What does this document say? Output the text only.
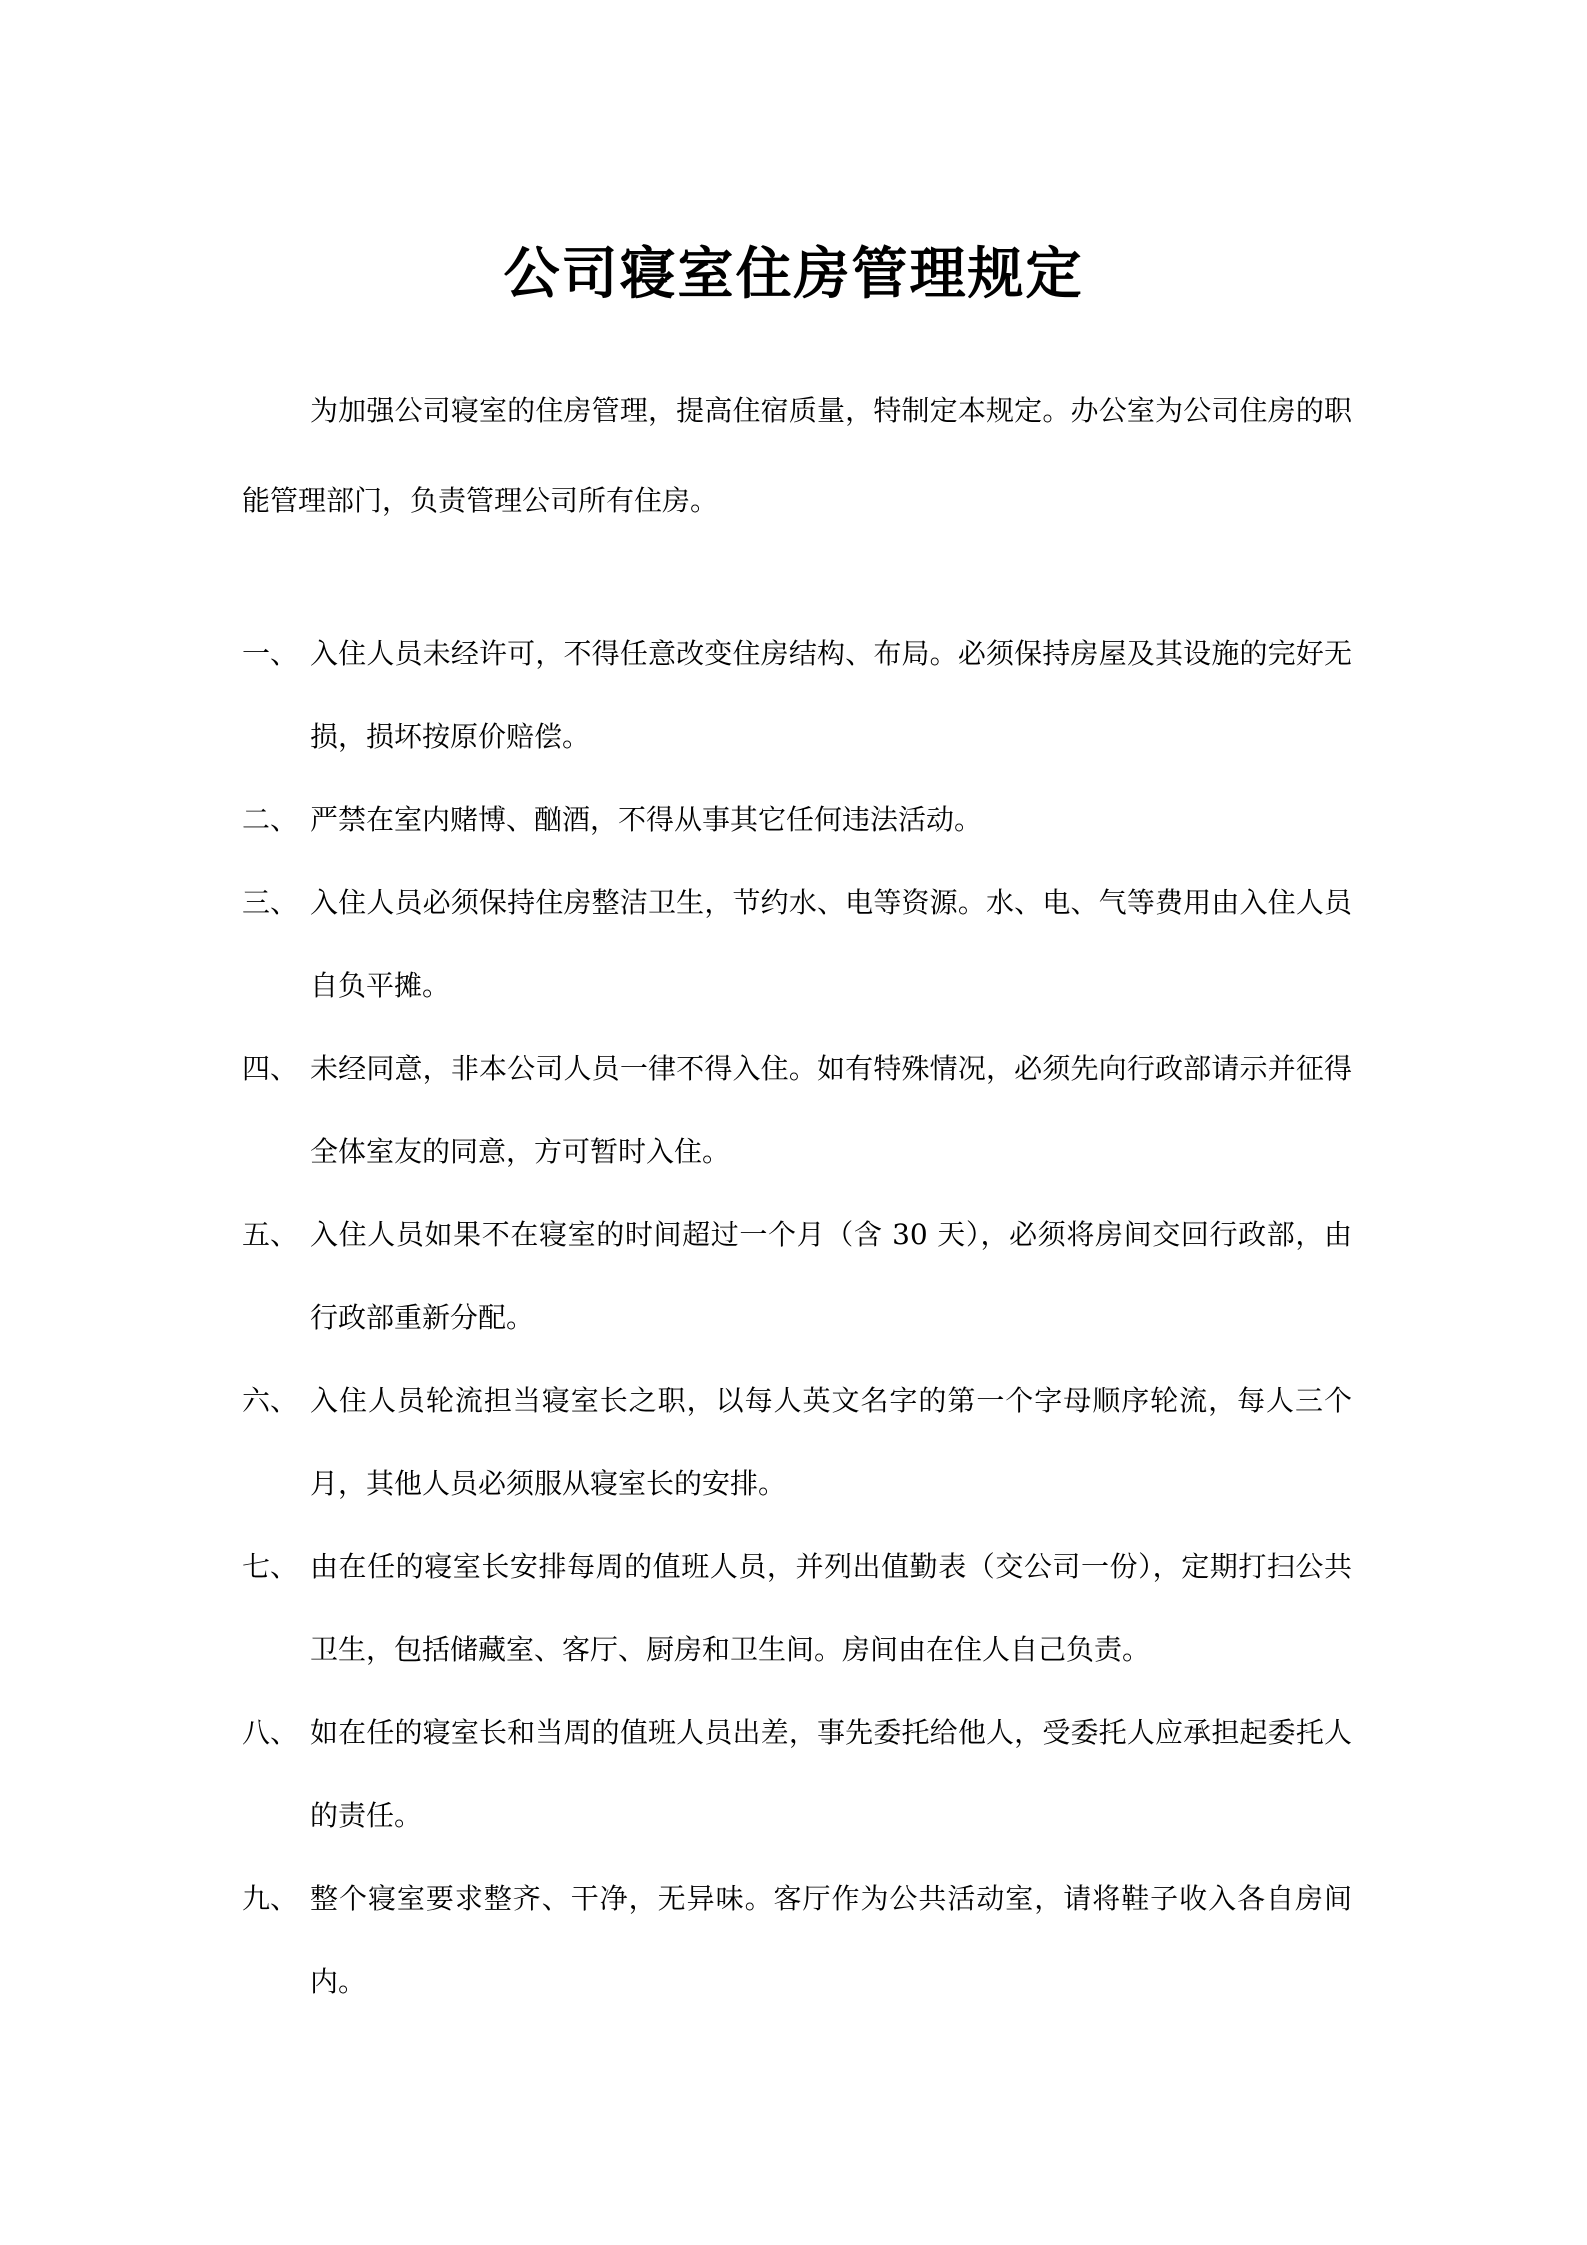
公司寝室住房管理规定

为加强公司寝室的住房管理，提高住宿质量，特制定本规定。办公室为公司住房的职能管理部门，负责管理公司所有住房。

一、 入住人员未经许可，不得任意改变住房结构、布局。必须保持房屋及其设施的完好无损，损坏按原价赔偿。
二、 严禁在室内赌博、酗酒，不得从事其它任何违法活动。
三、 入住人员必须保持住房整洁卫生，节约水、电等资源。水、电、气等费用由入住人员自负平摊。
四、 未经同意，非本公司人员一律不得入住。如有特殊情况，必须先向行政部请示并征得全体室友的同意，方可暂时入住。
五、 入住人员如果不在寝室的时间超过一个月（含 30 天），必须将房间交回行政部，由行政部重新分配。
六、 入住人员轮流担当寝室长之职，以每人英文名字的第一个字母顺序轮流，每人三个月，其他人员必须服从寝室长的安排。
七、 由在任的寝室长安排每周的值班人员，并列出值勤表（交公司一份），定期打扫公共卫生，包括储藏室、客厅、厨房和卫生间。房间由在住人自己负责。
八、 如在任的寝室长和当周的值班人员出差，事先委托给他人，受委托人应承担起委托人的责任。
九、 整个寝室要求整齐、干净，无异味。客厅作为公共活动室，请将鞋子收入各自房间内。
